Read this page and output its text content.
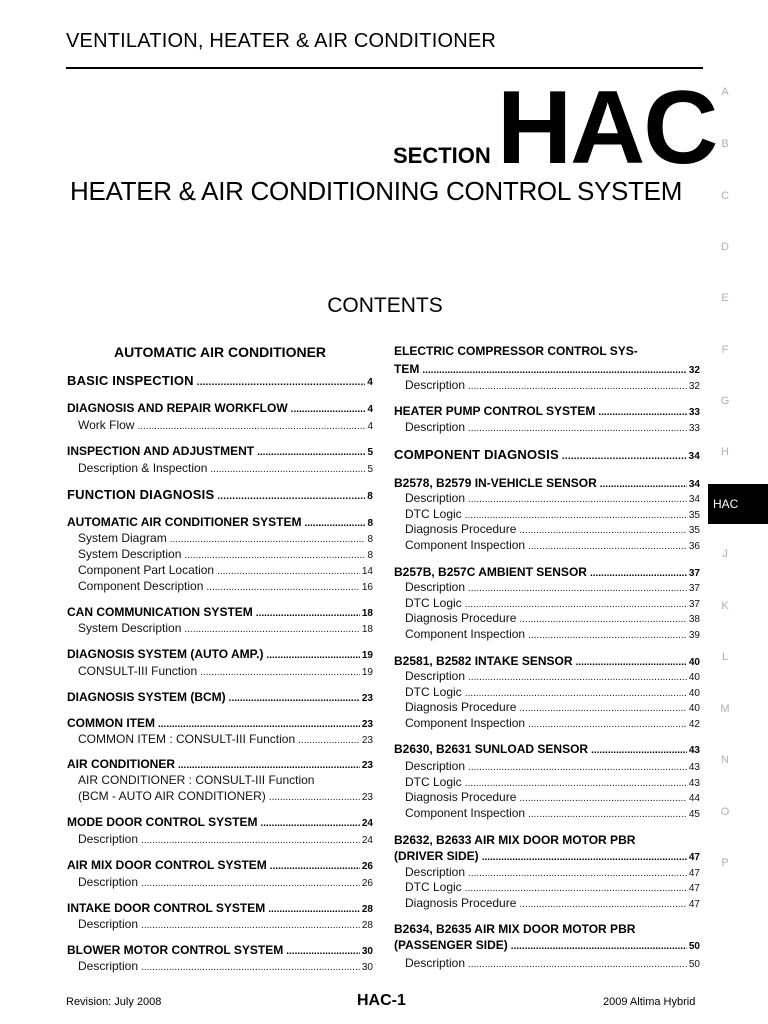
VENTILATION, HEATER & AIR CONDITIONER
SECTION HAC
HEATER & AIR CONDITIONING CONTROL SYSTEM
CONTENTS
A
B
C
D
E
F
G
H
HAC
J
K
L
M
N
O
P
AUTOMATIC AIR CONDITIONER
BASIC INSPECTION .....	4
DIAGNOSIS AND REPAIR WORKFLOW .....	4
Work Flow .....	4
INSPECTION AND ADJUSTMENT .....	5
Description & Inspection .....	5
FUNCTION DIAGNOSIS .....	8
AUTOMATIC AIR CONDITIONER SYSTEM .....	8
System Diagram .....	8
System Description .....	8
Component Part Location .....	14
Component Description .....	16
CAN COMMUNICATION SYSTEM .....	18
System Description .....	18
DIAGNOSIS SYSTEM (AUTO AMP.) .....	19
CONSULT-III Function .....	19
DIAGNOSIS SYSTEM (BCM) .....	23
COMMON ITEM .....	23
COMMON ITEM : CONSULT-III Function .....	23
AIR CONDITIONER .....	23
AIR CONDITIONER : CONSULT-III Function
(BCM - AUTO AIR CONDITIONER) .....	23
MODE DOOR CONTROL SYSTEM .....	24
Description .....	24
AIR MIX DOOR CONTROL SYSTEM .....	26
Description .....	26
INTAKE DOOR CONTROL SYSTEM .....	28
Description .....	28
BLOWER MOTOR CONTROL SYSTEM .....	30
Description .....	30
ELECTRIC COMPRESSOR CONTROL SYS-
TEM .....	32
Description .....	32
HEATER PUMP CONTROL SYSTEM .....	33
Description .....	33
COMPONENT DIAGNOSIS .....	34
B2578, B2579 IN-VEHICLE SENSOR .....	34
Description .....	34
DTC Logic .....	35
Diagnosis Procedure .....	35
Component Inspection .....	36
B257B, B257C AMBIENT SENSOR .....	37
Description .....	37
DTC Logic .....	37
Diagnosis Procedure .....	38
Component Inspection .....	39
B2581, B2582 INTAKE SENSOR .....	40
Description .....	40
DTC Logic .....	40
Diagnosis Procedure .....	40
Component Inspection .....	42
B2630, B2631 SUNLOAD SENSOR .....	43
Description .....	43
DTC Logic .....	43
Diagnosis Procedure .....	44
Component Inspection .....	45
B2632, B2633 AIR MIX DOOR MOTOR PBR
(DRIVER SIDE) .....	47
Description .....	47
DTC Logic .....	47
Diagnosis Procedure .....	47
B2634, B2635 AIR MIX DOOR MOTOR PBR
(PASSENGER SIDE) .....	50
Description .....	50
Revision: July 2008	HAC-1	2009 Altima Hybrid
